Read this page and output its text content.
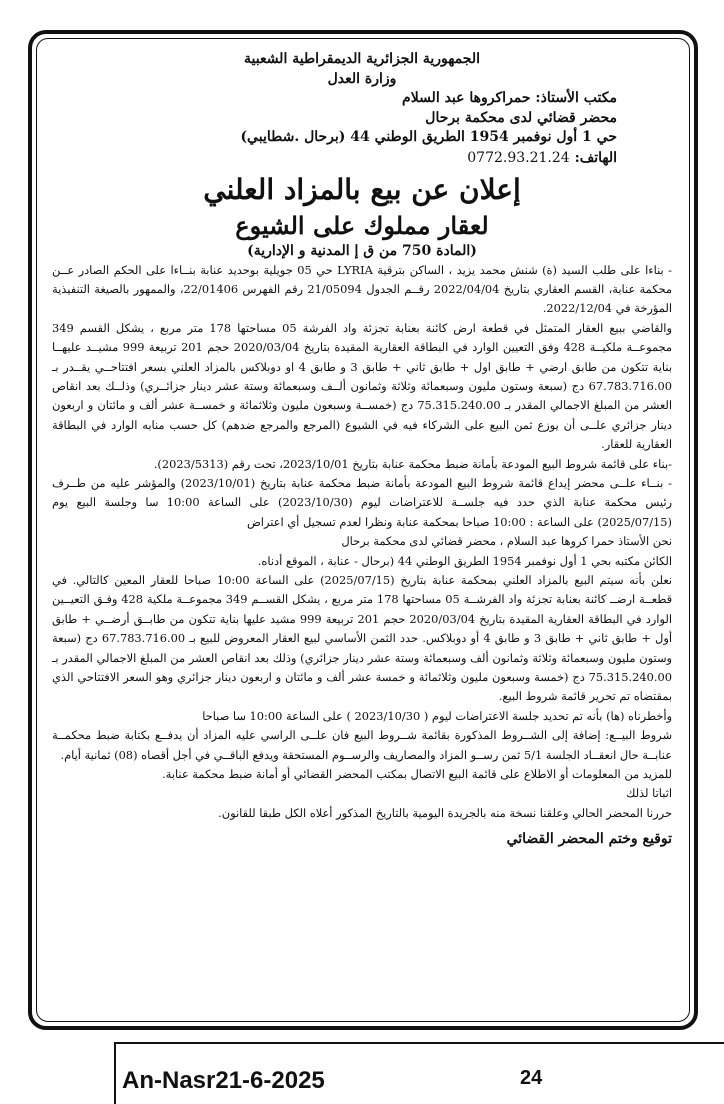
الجمهورية الجزائرية الديمقراطية الشعبية
وزارة العدل
مكتب الأستاذ: حمراكروها عبد السلام
محضر قضائي لدى محكمة برحال
حي 1 أول نوفمبر 1954 الطريق الوطني 44 (برحال .شطايبي)
الهاتف: 0772.93.21.24
إعلان عن بيع بالمزاد العلني
لعقار مملوك على الشيوع
(المادة 750 من ق إ المدنية و الإدارية)

- بناءا على طلب السيد (ة) شنش محمد يزيد ، الساكن بترقية LYRIA حي 05 جويلية بوحديد عنابة بنــاءا على الحكم الصادر عــن محكمة عنابة، القسم العقاري بتاريخ 2022/04/04 رقــم الجدول 21/05094 رقم الفهرس 22/01406، والممهور بالصيغة التنفيذية المؤرخة في 2022/12/04.

والقاضي ببيع العقار المتمثل في قطعة ارض كائنة بعنابة تجزئة واد الفرشة 05 مساحتها 178 متر مربع ، يشكل القسم 349 مجموعــة ملكيــة 428 وفق التعيين الوارد في البطاقة العقارية المقيدة بتاريخ 2020/03/04 حجم 201 تربيعة 999 مشيــد عليهــا بناية تتكون من طابق ارضي + طابق اول + طابق ثاني + طابق 3 و طابق 4 او دوبلاكس بالمزاد العلني بسعر افتتاحــي يقــدر بـ 67.783.716.00 دج (سبعة وستون مليون وسبعمائة وثلاثة وثمانون ألــف وسبعمائة وستة عشر دينار جزائــري) وذلــك بعد انقاص العشر من المبلغ الاجمالي المقدر بـ 75.315.240.00 دج (خمســة وسبعون مليون وثلاثمائة و خمســة عشر ألف و مائتان و اربعون دينار جزائري علــى أن يوزع ثمن البيع على الشركاء فيه في الشيوع (المرجع والمرجع ضدهم) كل حسب منابه الوارد في البطاقة العقارية للعقار.

-بناء على قائمة شروط البيع المودعة بأمانة ضبط محكمة عنابة بتاريخ 2023/10/01، تحت رقم (2023/5313).

- بنــاء علــى محضر إيداع قائمة شروط البيع المودعة بأمانة ضبط محكمة عنابة بتاريخ (2023/10/01) والمؤشر عليه من طــرف رئيس محكمة عنابة الذي حدد فيه جلســة للاعتراضات ليوم (2023/10/30) على الساعة 10:00 سا وجلسة البيع يوم (2025/07/15) على الساعة : 10:00 صباحا بمحكمة عنابة ونظرا لعدم تسجيل أي اعتراض

نحن الأستاذ حمرا كروها عبد السلام ، محضر قضائي لدى محكمة برحال

الكائن مكتبه بحي 1 أول نوفمبر 1954 الطريق الوطني 44 (برحال - عنابة ، الموقع أدناه.

نعلن بأنه سيتم البيع بالمزاد العلني بمحكمة عنابة بتاريخ (2025/07/15) على الساعة 10:00 صباحا للعقار المعين كالتالي. في قطعــة ارضــ كائنة بعنابة تجزئة واد الفرشــة 05 مساحتها 178 متر مربع ، يشكل القســم 349 مجموعــة ملكية 428 وفـق التعيــين الوارد في البطاقة العقارية المقيدة بتاريخ 2020/03/04 حجم 201 تربيعة 999 مشيد عليها بناية تتكون من طابــق أرضــي + طابق أول + طابق ثاني + طابق 3 و طابق 4 أو دوبلاكس. حدد الثمن الأساسي لبيع العقار المعروض للبيع بـ 67.783.716.00 دج (سبعة وستون مليون وسبعمائة وثلاثة وثمانون ألف وسبعمائة وستة عشر دينار جزائري) وذلك بعد انقاص العشر من المبلغ الاجمالي المقدر بـ 75.315.240.00 دج (خمسة وسبعون مليون وثلاثمائة و خمسة عشر ألف و مائتان و اربعون دينار جزائري وهو السعر الافتتاحي الذي بمقتضاه تم تحرير قائمة شروط البيع.

وأخطرناه (ها) بأنه تم تحديد جلسة الاعتراضات ليوم ( 2023/10/30 ) على الساعة 10:00 سا صباحا

شروط البيــع: إضافة إلى الشــروط المذكورة بقائمة شــروط البيع فان علــى الراسي عليه المزاد أن يدفــع بكتابة ضبط محكمــة عنابــة حال انعقــاد الجلسة 5/1 ثمن رســو المزاد والمصاريف والرســوم المستحقة ويدفع الباقــي في أجل أقصاه (08) ثمانية أيام.

للمزيد من المعلومات أو الاطلاع على قائمة البيع الاتصال بمكتب المحضر القضائي أو أمانة ضبط محكمة عنابة.

اثباتا لذلك

حررنا المحضر الحالي وعلقنا نسخة منه بالجريدة اليومية بالتاريخ المذكور أعلاه الكل طبقا للقانون.

توقيع وختم المحضر القضائي
An-Nasr21-6-2025	24
